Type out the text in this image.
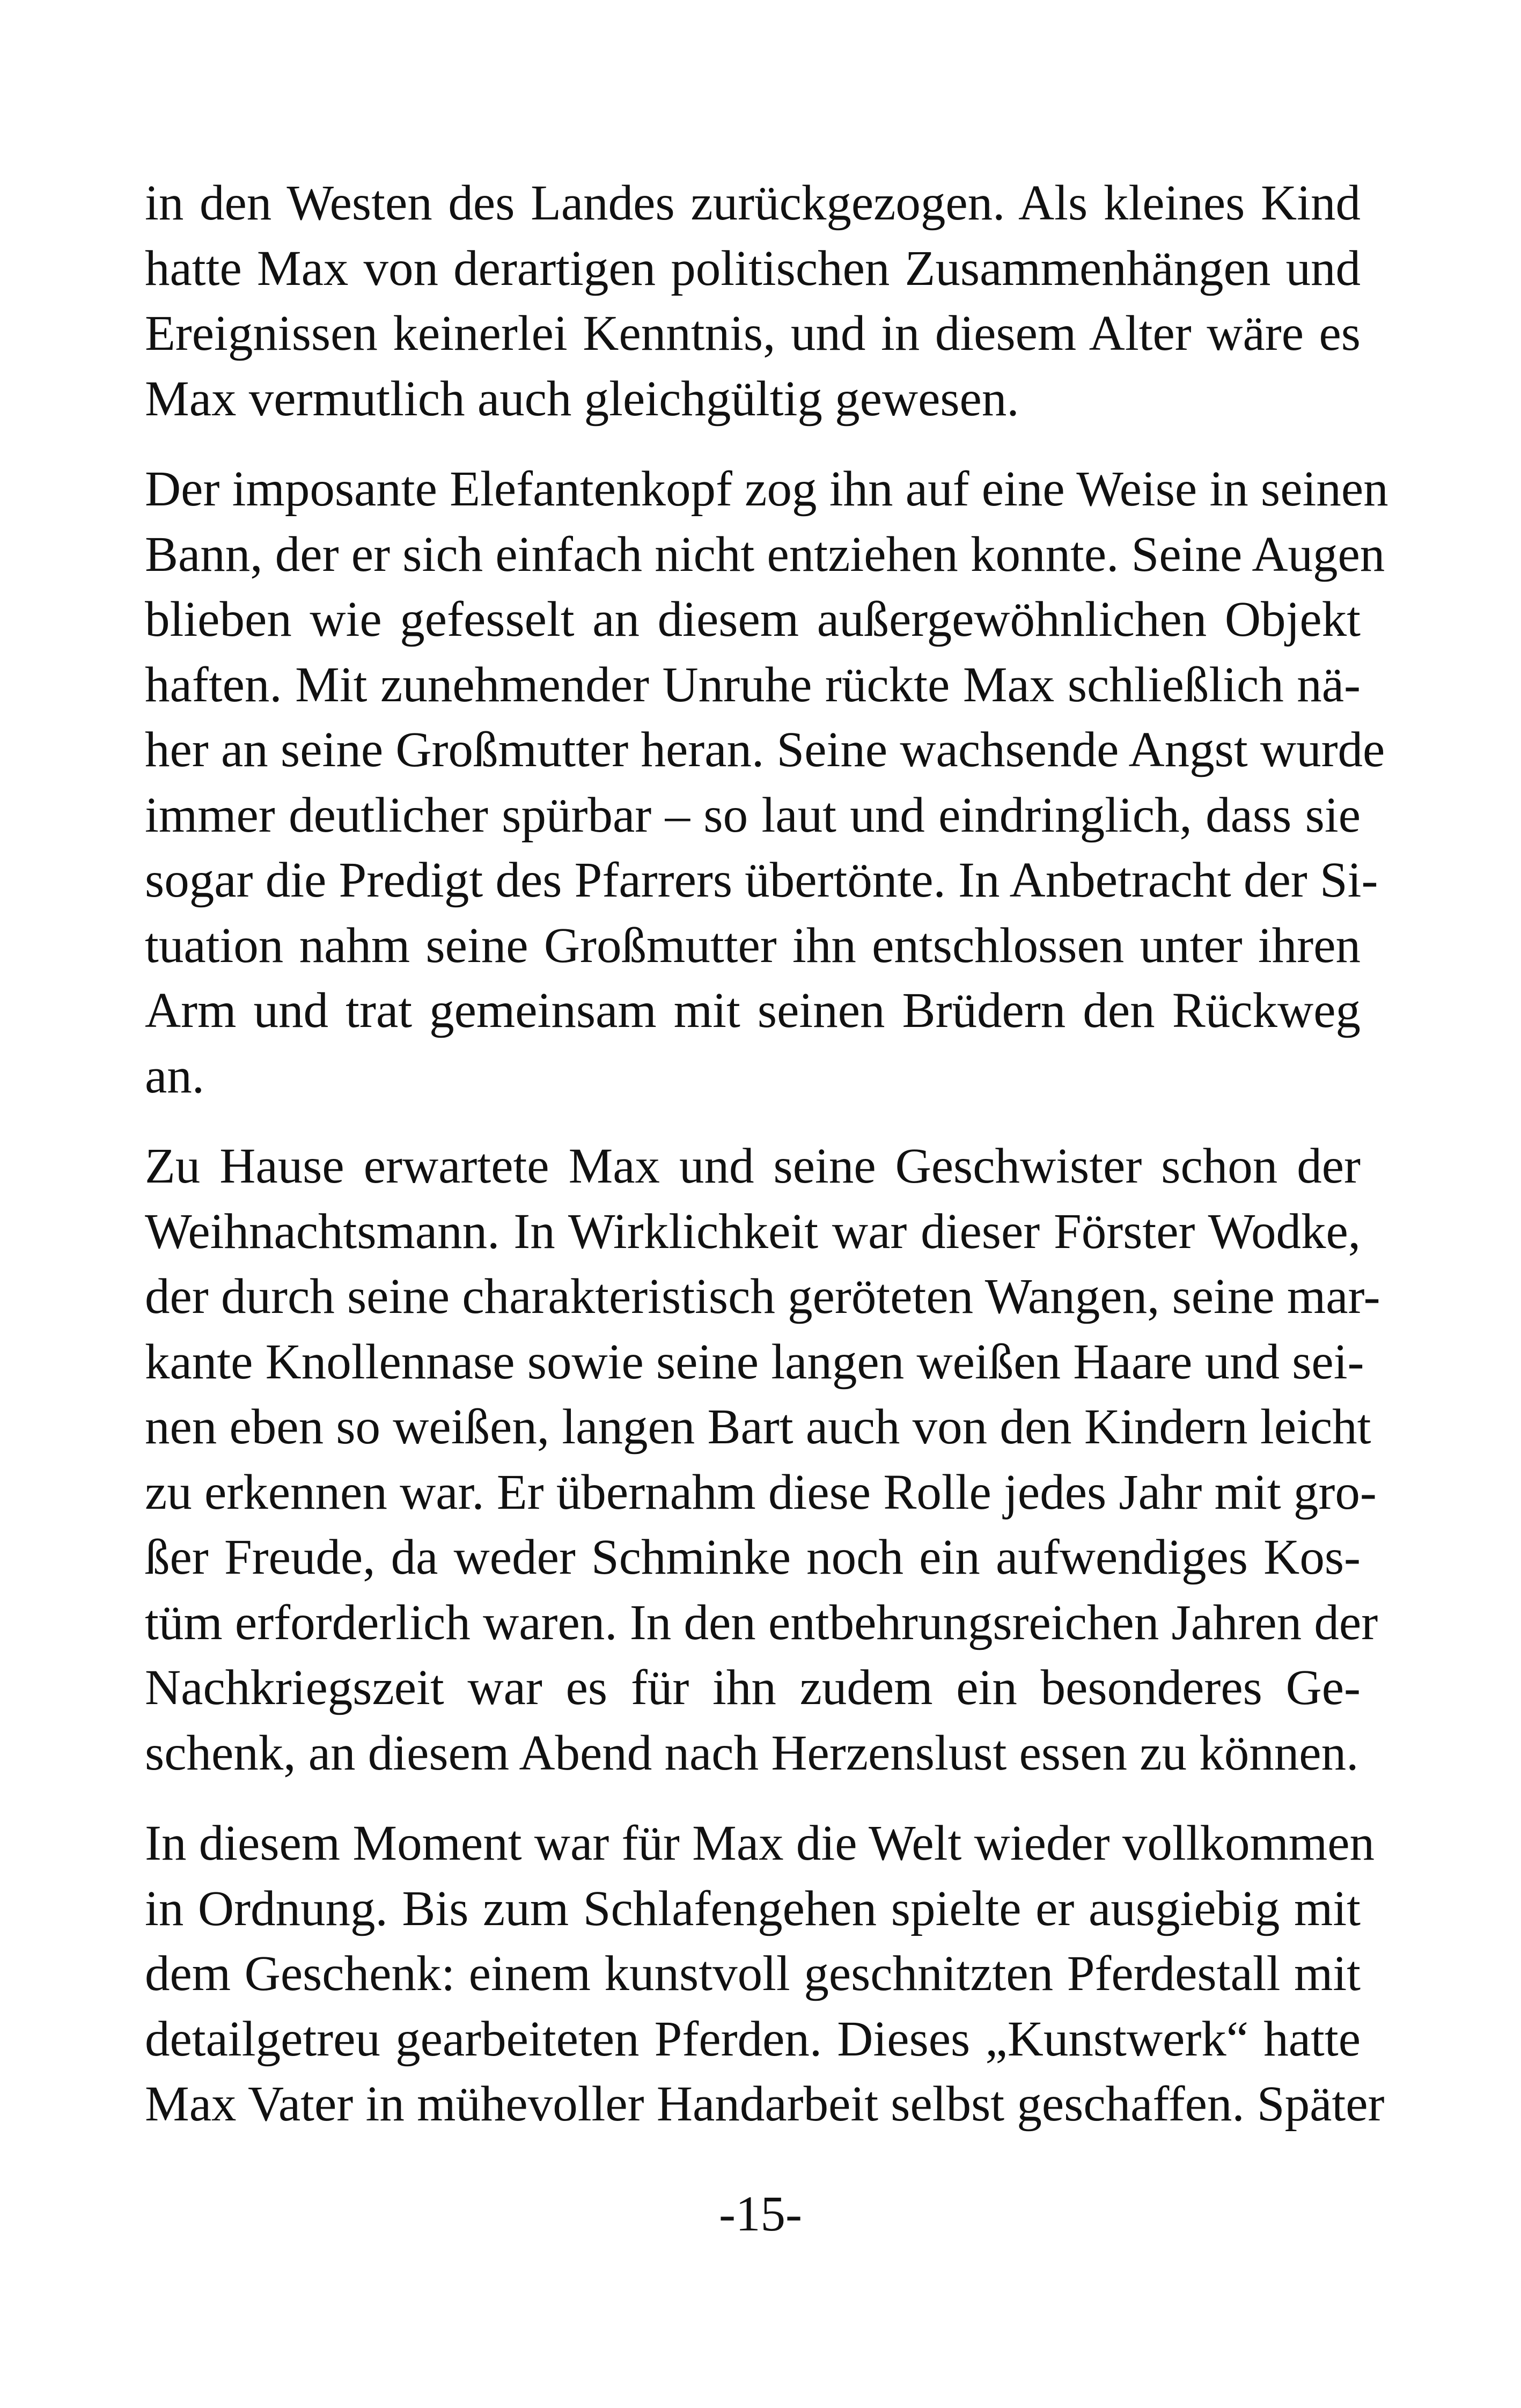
in den Westen des Landes zurückgezogen. Als kleines Kind
hatte Max von derartigen politischen Zusammenhängen und
Ereignissen keinerlei Kenntnis, und in diesem Alter wäre es
Max vermutlich auch gleichgültig gewesen.
Der imposante Elefantenkopf zog ihn auf eine Weise in seinen
Bann, der er sich einfach nicht entziehen konnte. Seine Augen
blieben wie gefesselt an diesem außergewöhnlichen Objekt
haften. Mit zunehmender Unruhe rückte Max schließlich nä-
her an seine Großmutter heran. Seine wachsende Angst wurde
immer deutlicher spürbar – so laut und eindringlich, dass sie
sogar die Predigt des Pfarrers übertönte. In Anbetracht der Si-
tuation nahm seine Großmutter ihn entschlossen unter ihren
Arm und trat gemeinsam mit seinen Brüdern den Rückweg
an.
Zu Hause erwartete Max und seine Geschwister schon der
Weihnachtsmann. In Wirklichkeit war dieser Förster Wodke,
der durch seine charakteristisch geröteten Wangen, seine mar-
kante Knollennase sowie seine langen weißen Haare und sei-
nen eben so weißen, langen Bart auch von den Kindern leicht
zu erkennen war. Er übernahm diese Rolle jedes Jahr mit gro-
ßer Freude, da weder Schminke noch ein aufwendiges Kos-
tüm erforderlich waren. In den entbehrungsreichen Jahren der
Nachkriegszeit war es für ihn zudem ein besonderes Ge-
schenk, an diesem Abend nach Herzenslust essen zu können.
In diesem Moment war für Max die Welt wieder vollkommen
in Ordnung. Bis zum Schlafengehen spielte er ausgiebig mit
dem Geschenk: einem kunstvoll geschnitzten Pferdestall mit
detailgetreu gearbeiteten Pferden. Dieses „Kunstwerk“ hatte
Max Vater in mühevoller Handarbeit selbst geschaffen. Später
-15-
